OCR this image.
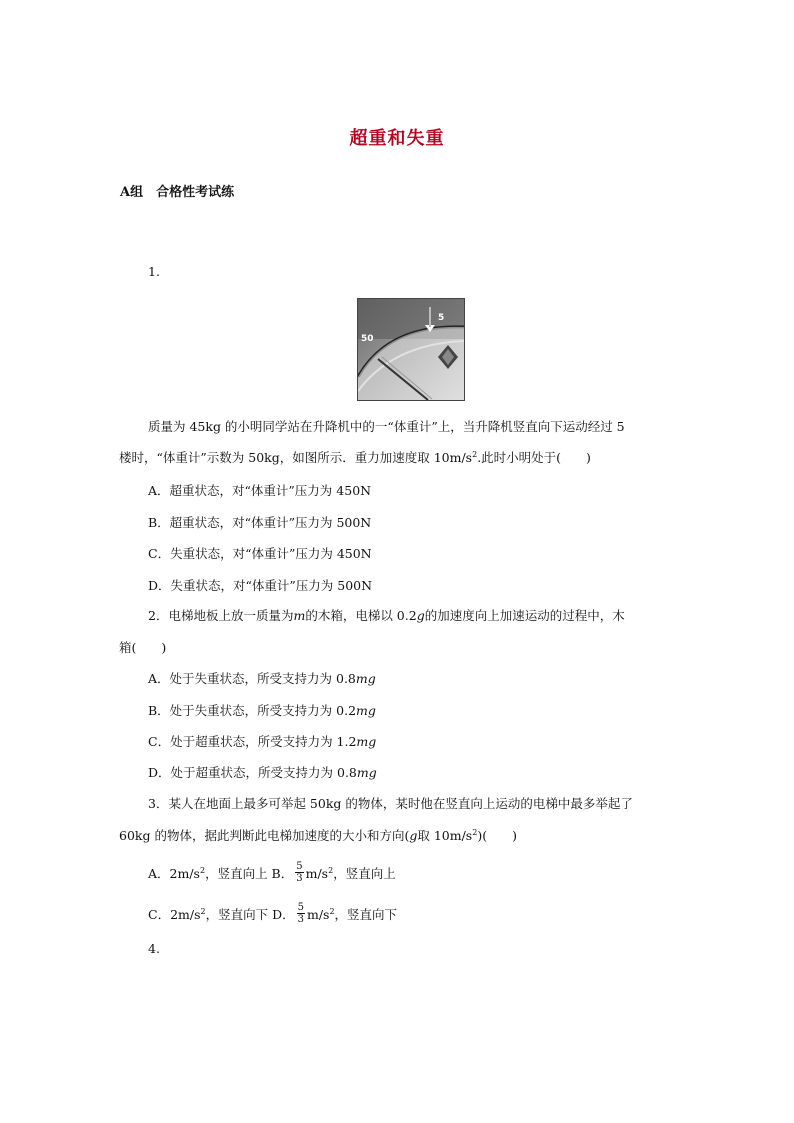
超重和失重
A组　合格性考试练
1.
5
50
质量为 45kg 的小明同学站在升降机中的一“体重计”上，当升降机竖直向下运动经过 5
楼时，“体重计”示数为 50kg，如图所示．重力加速度取 $10m/s^2$.此时小明处于(　　)
A．超重状态，对“体重计”压力为 450N
B．超重状态，对“体重计”压力为 500N
C．失重状态，对“体重计”压力为 450N
D．失重状态，对“体重计”压力为 500N
2．电梯地板上放一质量为m的木箱，电梯以 0.2g的加速度向上加速运动的过程中，木
箱(　　)
A．处于失重状态，所受支持力为 0.8mg
B．处于失重状态，所受支持力为 0.2mg
C．处于超重状态，所受支持力为 1.2mg
D．处于超重状态，所受支持力为 0.8mg
3．某人在地面上最多可举起 50kg 的物体，某时他在竖直向上运动的电梯中最多举起了
60kg 的物体，据此判断此电梯加速度的大小和方向(g取 $10m/s^2$)(　　)
A．$2m/s^2$，竖直向上 B． $\frac{5}{3} m/s^2$，竖直向上
C．$2m/s^2$，竖直向下 D． $\frac{5}{3} m/s^2$，竖直向下
4.
